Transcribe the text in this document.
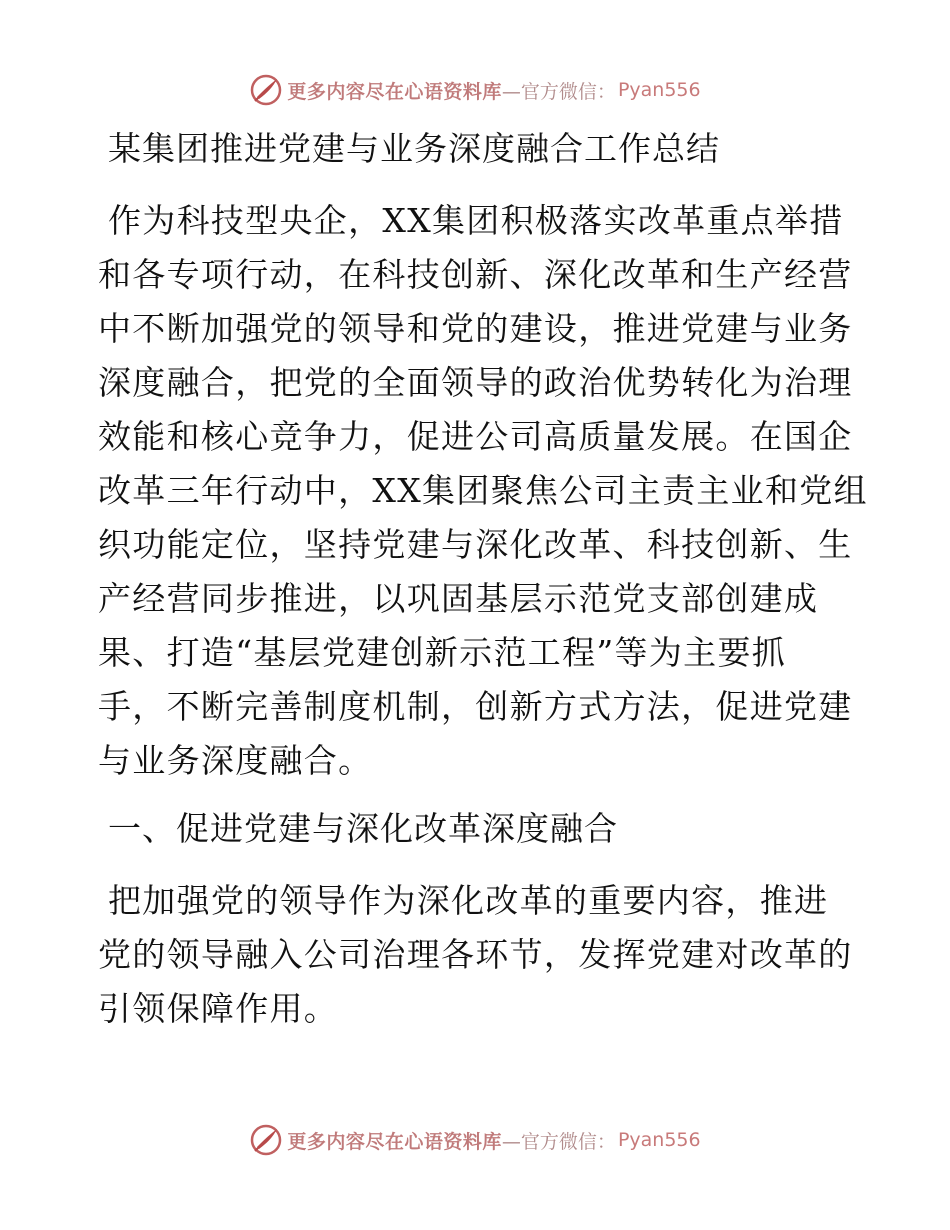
更多内容尽在心语资料库 —官方微信： Pyan556
某集团推进党建与业务深度融合工作总结
作为科技型央企，XX集团积极落实改革重点举措
和各专项行动，在科技创新、深化改革和生产经营
中不断加强党的领导和党的建设，推进党建与业务
深度融合，把党的全面领导的政治优势转化为治理
效能和核心竞争力，促进公司高质量发展。在国企
改革三年行动中，XX集团聚焦公司主责主业和党组
织功能定位，坚持党建与深化改革、科技创新、生
产经营同步推进，以巩固基层示范党支部创建成
果、打造“基层党建创新示范工程”等为主要抓
手，不断完善制度机制，创新方式方法，促进党建
与业务深度融合。
一、促进党建与深化改革深度融合
把加强党的领导作为深化改革的重要内容，推进
党的领导融入公司治理各环节，发挥党建对改革的
引领保障作用。
更多内容尽在心语资料库 —官方微信： Pyan556
